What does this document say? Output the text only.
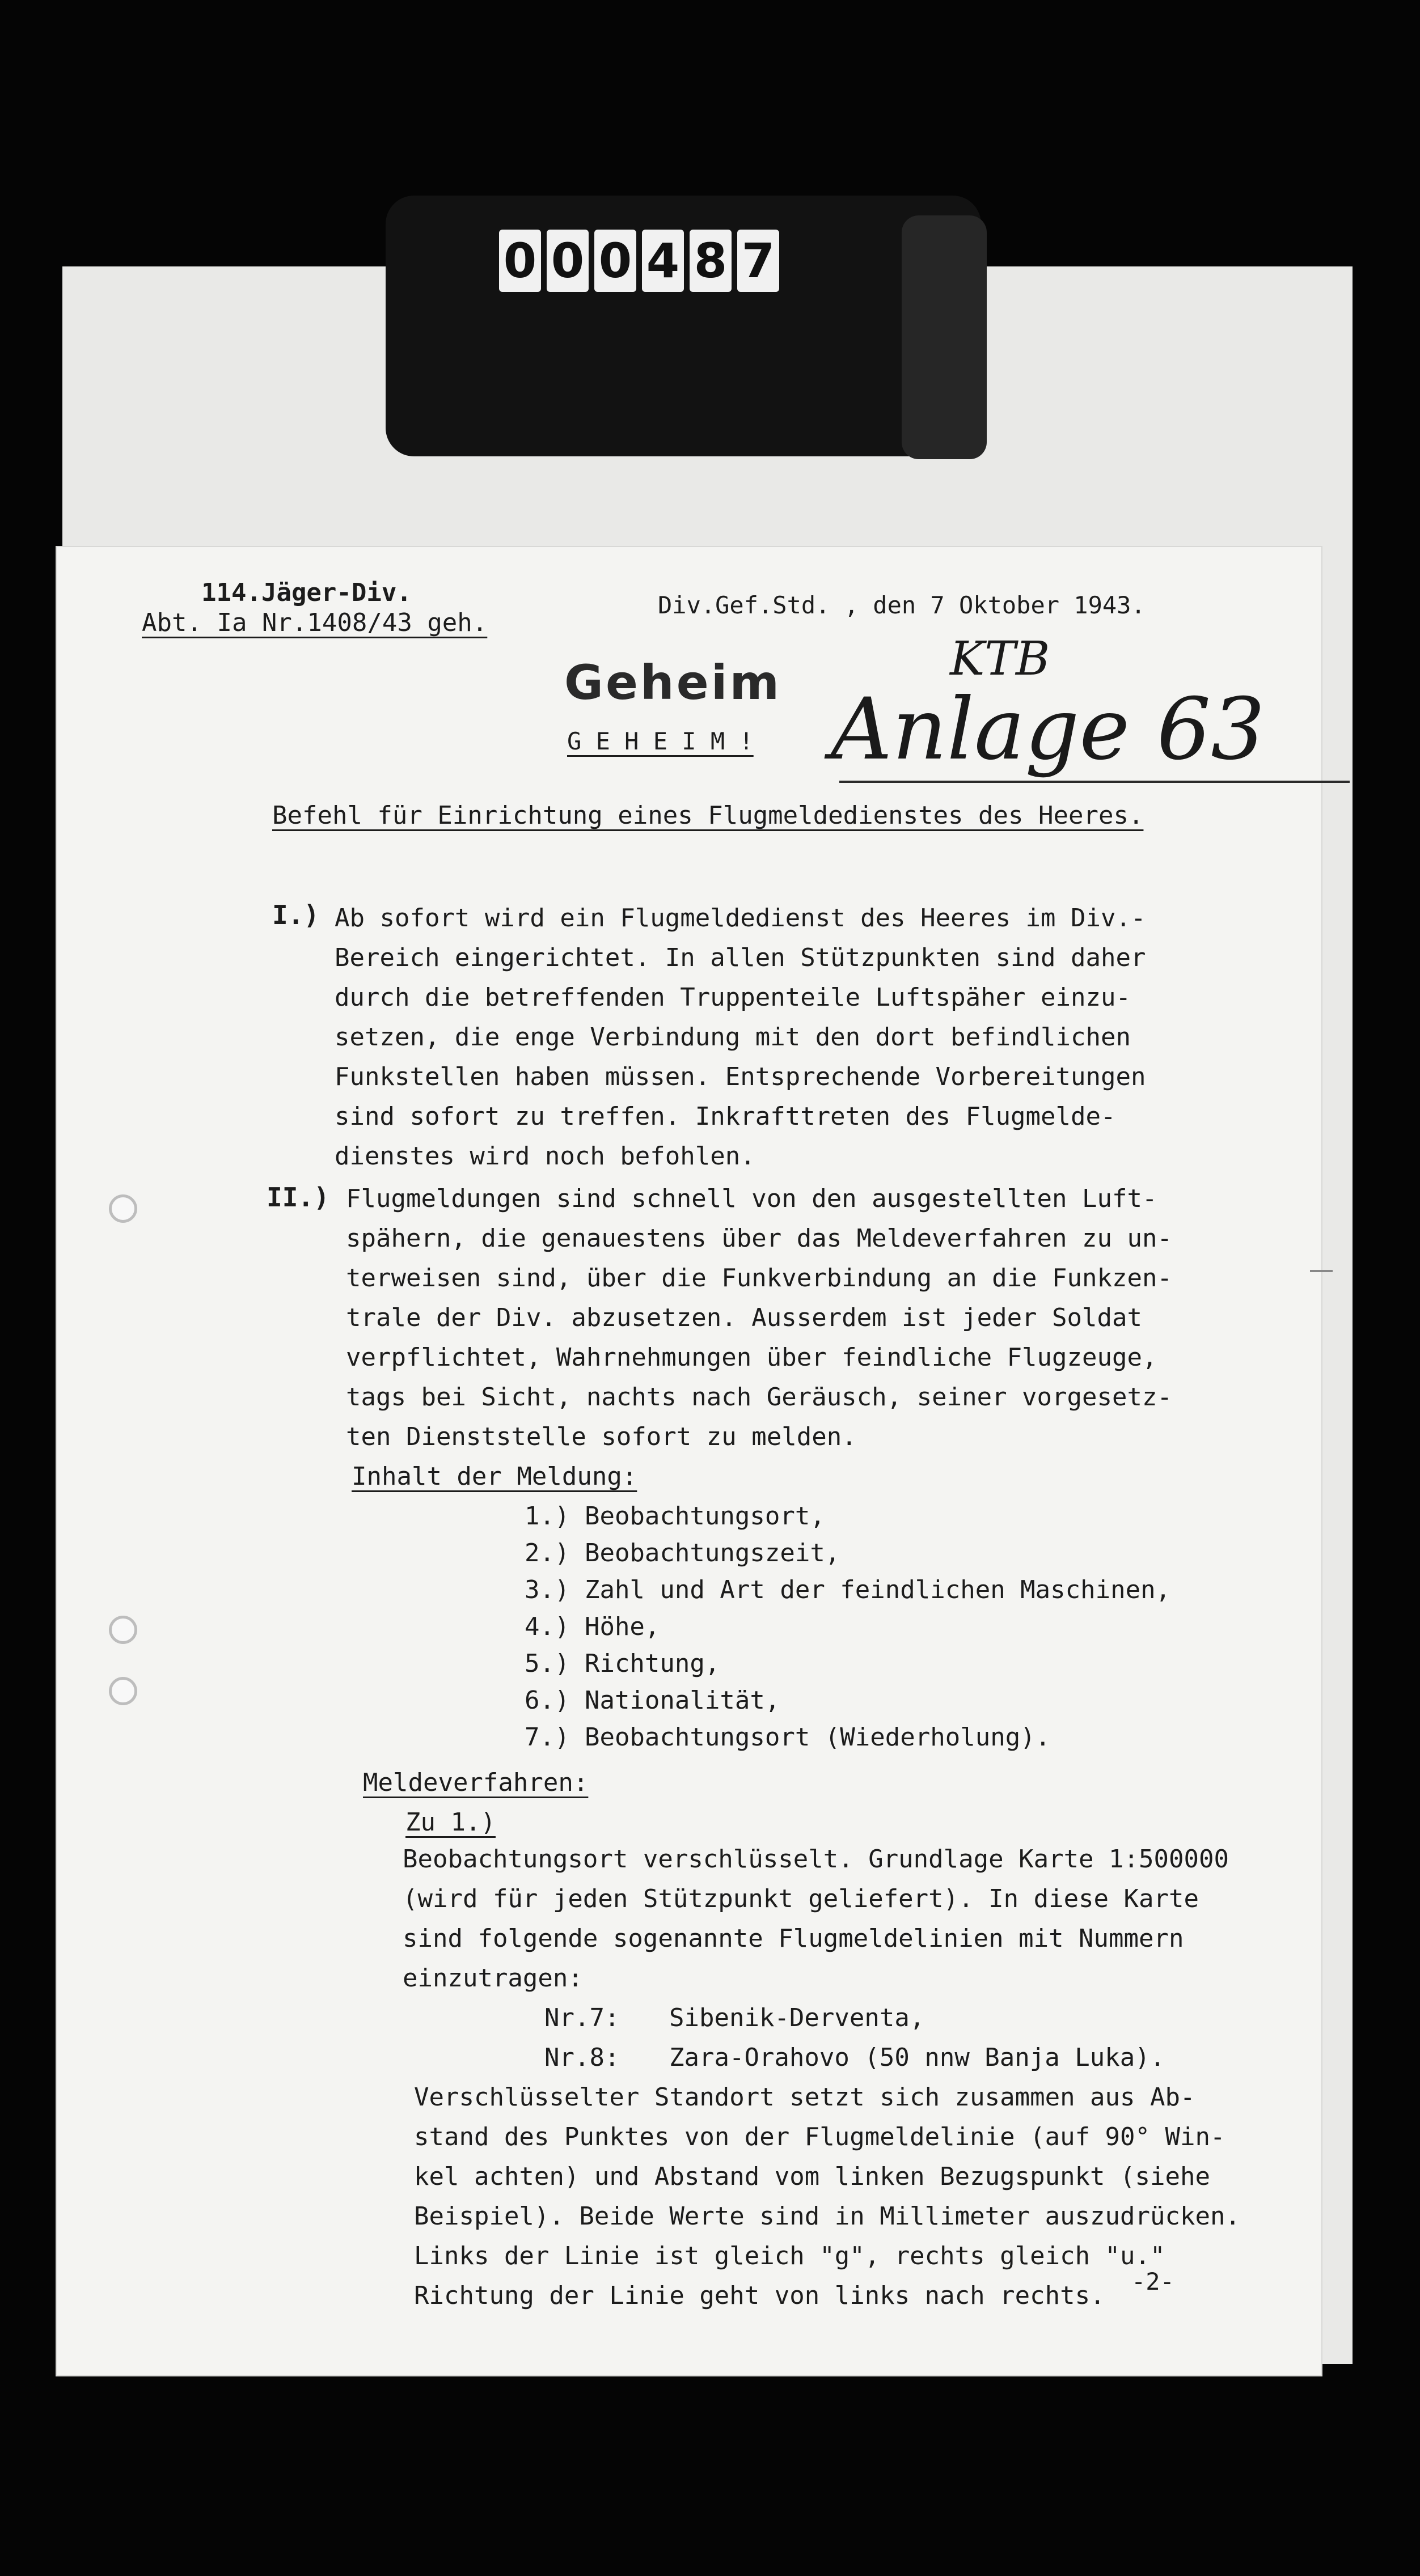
0 0 0 4 8 7
114.Jäger-Div.
Abt. Ia Nr.1408/43 geh.
Div.Gef.Std. , den 7 Oktober 1943.
Geheim
G E H E I M !
KTB
Anlage 63
Befehl für Einrichtung eines Flugmeldedienstes des Heeres.
I.) Ab sofort wird ein Flugmeldedienst des Heeres im Div.-
Bereich eingerichtet. In allen Stützpunkten sind daher
durch die betreffenden Truppenteile Luftspäher einzu-
setzen, die enge Verbindung mit den dort befindlichen
Funkstellen haben müssen. Entsprechende Vorbereitungen
sind sofort zu treffen. Inkrafttreten des Flugmelde-
dienstes wird noch befohlen.
II.) Flugmeldungen sind schnell von den ausgestellten Luft-
spähern, die genauestens über das Meldeverfahren zu un-
terweisen sind, über die Funkverbindung an die Funkzen-
trale der Div. abzusetzen. Ausserdem ist jeder Soldat
verpflichtet, Wahrnehmungen über feindliche Flugzeuge,
tags bei Sicht, nachts nach Geräusch, seiner vorgesetz-
ten Dienststelle sofort zu melden.
Inhalt der Meldung:
1.) Beobachtungsort,
2.) Beobachtungszeit,
3.) Zahl und Art der feindlichen Maschinen,
4.) Höhe,
5.) Richtung,
6.) Nationalität,
7.) Beobachtungsort (Wiederholung).
Meldeverfahren:
Zu 1.)
Beobachtungsort verschlüsselt. Grundlage Karte 1:500000
(wird für jeden Stützpunkt geliefert). In diese Karte
sind folgende sogenannte Flugmeldelinien mit Nummern
einzutragen:
Nr.7: Sibenik-Derventa,
Nr.8: Zara-Orahovo (50 nnw Banja Luka).
Verschlüsselter Standort setzt sich zusammen aus Ab-
stand des Punktes von der Flugmeldelinie (auf 90° Win-
kel achten) und Abstand vom linken Bezugspunkt (siehe
Beispiel). Beide Werte sind in Millimeter auszudrücken.
Links der Linie ist gleich "g", rechts gleich "u."
Richtung der Linie geht von links nach rechts. -2-
